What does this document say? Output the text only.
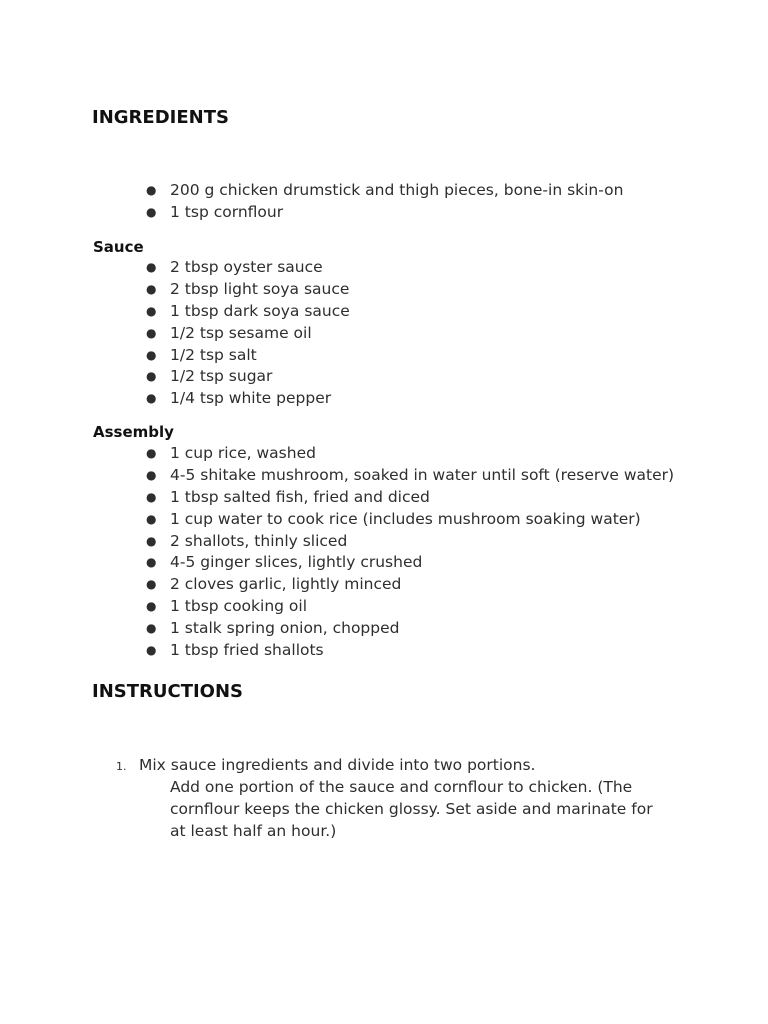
INGREDIENTS
● 200 g chicken drumstick and thigh pieces, bone-in skin-on
● 1 tsp cornflour
Sauce
● 2 tbsp oyster sauce
● 2 tbsp light soya sauce
● 1 tbsp dark soya sauce
● 1/2 tsp sesame oil
● 1/2 tsp salt
● 1/2 tsp sugar
● 1/4 tsp white pepper
Assembly
● 1 cup rice, washed
● 4-5 shitake mushroom, soaked in water until soft (reserve water)
● 1 tbsp salted fish, fried and diced
● 1 cup water to cook rice (includes mushroom soaking water)
● 2 shallots, thinly sliced
● 4-5 ginger slices, lightly crushed
● 2 cloves garlic, lightly minced
● 1 tbsp cooking oil
● 1 stalk spring onion, chopped
● 1 tbsp fried shallots
INSTRUCTIONS
1. Mix sauce ingredients and divide into two portions.

Add one portion of the sauce and cornflour to chicken. (The cornflour keeps the chicken glossy. Set aside and marinate for at least half an hour.)
